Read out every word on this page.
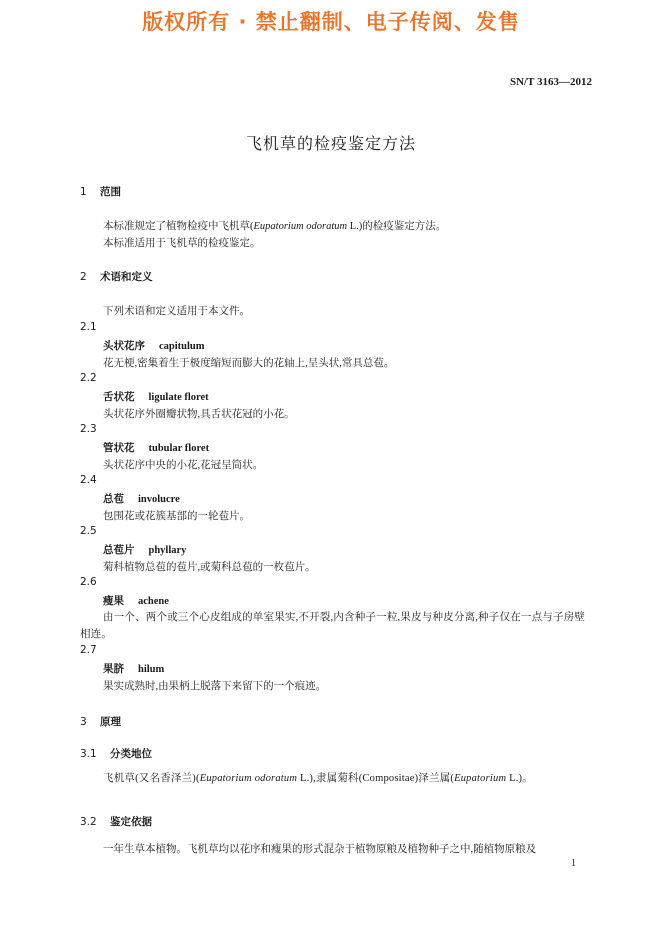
版权所有 · 禁止翻制、电子传阅、发售
SN/T 3163—2012
飞机草的检疫鉴定方法
1 范围
本标准规定了植物检疫中飞机草(Eupatorium odoratum L.)的检疫鉴定方法。
本标准适用于飞机草的检疫鉴定。
2 术语和定义
下列术语和定义适用于本文件。
2.1
头状花序 capitulum
花无梗,密集着生于极度缩短而膨大的花轴上,呈头状,常具总苞。
2.2
舌状花 ligulate floret
头状花序外圈瓣状物,具舌状花冠的小花。
2.3
管状花 tubular floret
头状花序中央的小花,花冠呈筒状。
2.4
总苞 involucre
包围花或花簇基部的一轮苞片。
2.5
总苞片 phyllary
菊科植物总苞的苞片,或菊科总苞的一枚苞片。
2.6
瘦果 achene
由一个、两个或三个心皮组成的单室果实,不开裂,内含种子一粒,果皮与种皮分离,种子仅在一点与子房壁相连。
2.7
果脐 hilum
果实成熟时,由果柄上脱落下来留下的一个痕迹。
3 原理
3.1 分类地位
飞机草(又名香泽兰)(Eupatorium odoratum L.),隶属菊科(Compositae)泽兰属(Eupatorium L.)。
3.2 鉴定依据
一年生草本植物。飞机草均以花序和瘦果的形式混杂于植物原粮及植物种子之中,随植物原粮及
1
